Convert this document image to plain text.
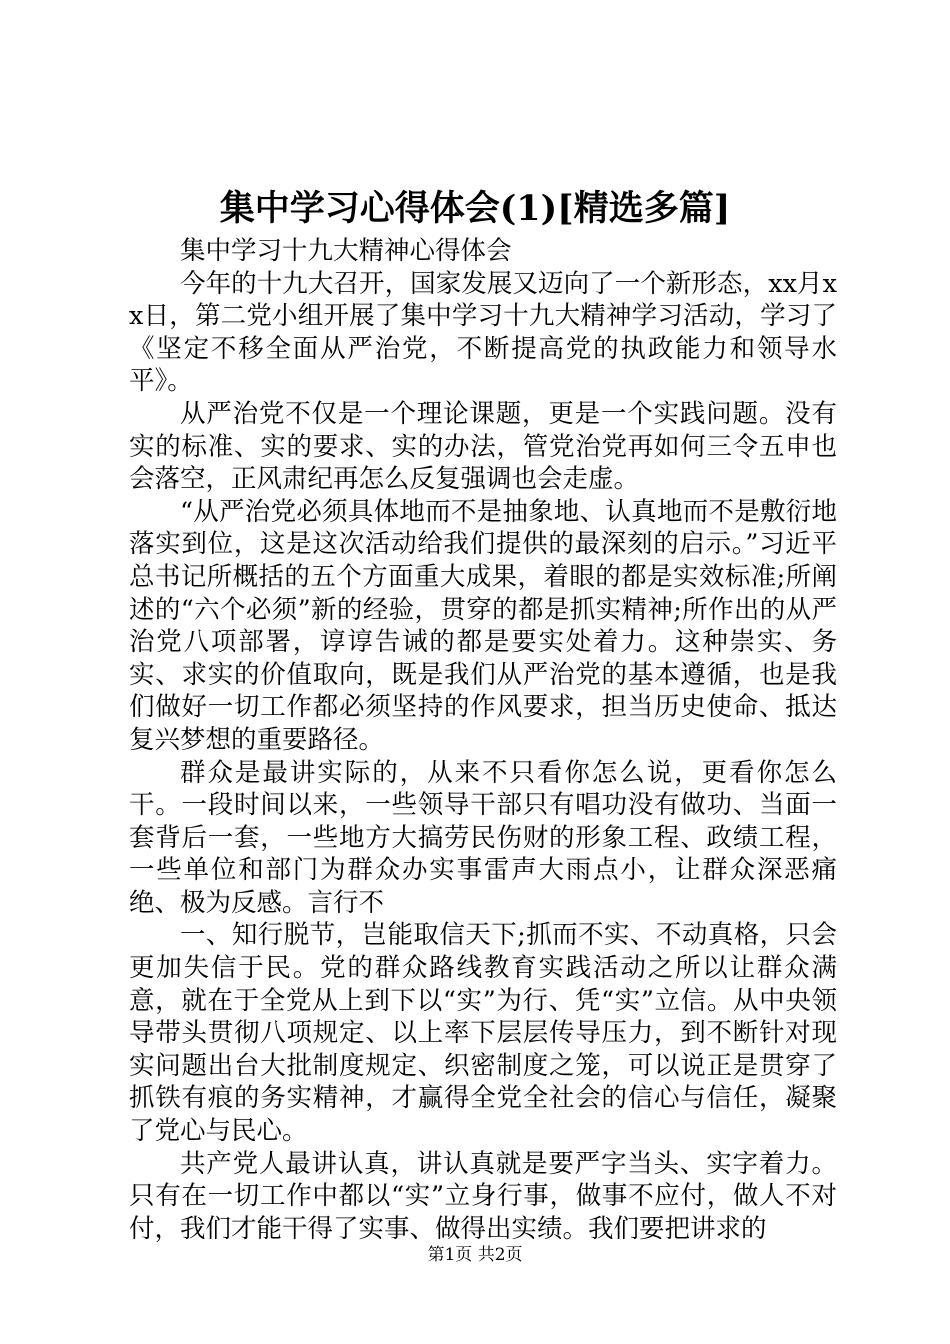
集中学习心得体会(1)[精选多篇]

集中学习十九大精神心得体会

今年的十九大召开，国家发展又迈向了一个新形态，xx月xx日，第二党小组开展了集中学习十九大精神学习活动，学习了《坚定不移全面从严治党，不断提高党的执政能力和领导水平》。

从严治党不仅是一个理论课题，更是一个实践问题。没有实的标准、实的要求、实的办法，管党治党再如何三令五申也会落空，正风肃纪再怎么反复强调也会走虚。

“从严治党必须具体地而不是抽象地、认真地而不是敷衍地落实到位，这是这次活动给我们提供的最深刻的启示。”习近平总书记所概括的五个方面重大成果，着眼的都是实效标准;所阐述的“六个必须”新的经验，贯穿的都是抓实精神;所作出的从严治党八项部署，谆谆告诫的都是要实处着力。这种崇实、务实、求实的价值取向，既是我们从严治党的基本遵循，也是我们做好一切工作都必须坚持的作风要求，担当历史使命、抵达复兴梦想的重要路径。

群众是最讲实际的，从来不只看你怎么说，更看你怎么干。一段时间以来，一些领导干部只有唱功没有做功、当面一套背后一套，一些地方大搞劳民伤财的形象工程、政绩工程，一些单位和部门为群众办实事雷声大雨点小，让群众深恶痛绝、极为反感。言行不

一、知行脱节，岂能取信天下;抓而不实、不动真格，只会更加失信于民。党的群众路线教育实践活动之所以让群众满意，就在于全党从上到下以“实”为行、凭“实”立信。从中央领导带头贯彻八项规定、以上率下层层传导压力，到不断针对现实问题出台大批制度规定、织密制度之笼，可以说正是贯穿了抓铁有痕的务实精神，才赢得全党全社会的信心与信任，凝聚了党心与民心。

共产党人最讲认真，讲认真就是要严字当头、实字着力。只有在一切工作中都以“实”立身行事，做事不应付，做人不对付，我们才能干得了实事、做得出实绩。我们要把讲求的

第1页 共2页
